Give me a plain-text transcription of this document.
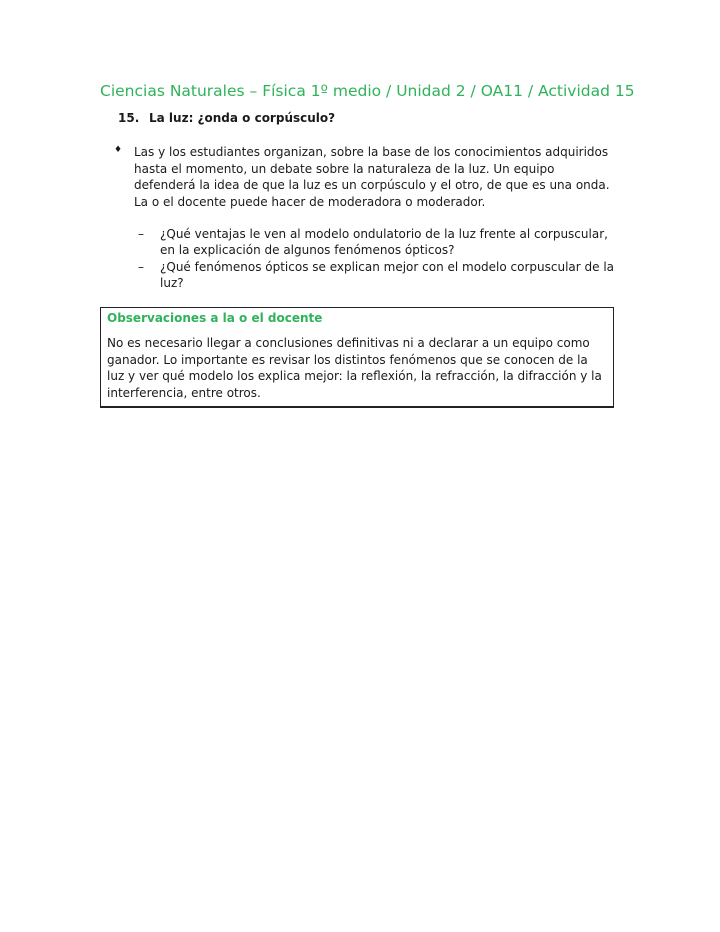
Ciencias Naturales – Física 1º medio / Unidad 2 / OA11 / Actividad 15
15. La luz: ¿onda o corpúsculo?
♦ Las y los estudiantes organizan, sobre la base de los conocimientos adquiridos hasta el momento, un debate sobre la naturaleza de la luz. Un equipo defenderá la idea de que la luz es un corpúsculo y el otro, de que es una onda. La o el docente puede hacer de moderadora o moderador.
– ¿Qué ventajas le ven al modelo ondulatorio de la luz frente al corpuscular, en la explicación de algunos fenómenos ópticos?
– ¿Qué fenómenos ópticos se explican mejor con el modelo corpuscular de la luz?
Observaciones a la o el docente
No es necesario llegar a conclusiones definitivas ni a declarar a un equipo como ganador. Lo importante es revisar los distintos fenómenos que se conocen de la luz y ver qué modelo los explica mejor: la reflexión, la refracción, la difracción y la interferencia, entre otros.
